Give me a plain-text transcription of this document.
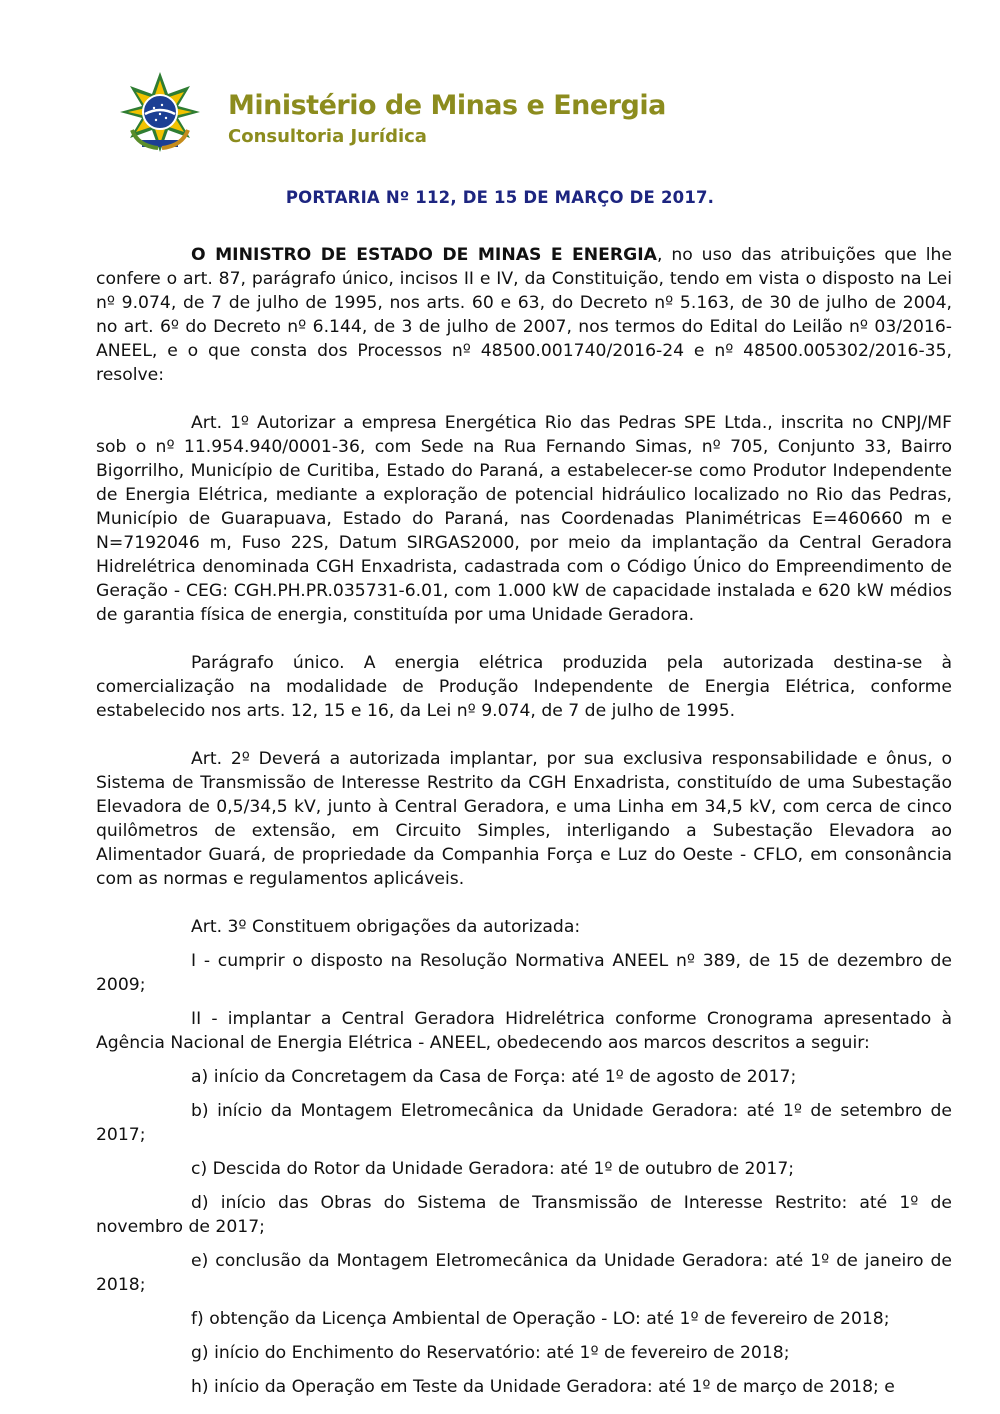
Ministério de Minas e Energia
Consultoria Jurídica
PORTARIA Nº 112, DE 15 DE MARÇO DE 2017.

O MINISTRO DE ESTADO DE MINAS E ENERGIA, no uso das atribuições que lhe confere o art. 87, parágrafo único, incisos II e IV, da Constituição, tendo em vista o disposto na Lei nº 9.074, de 7 de julho de 1995, nos arts. 60 e 63, do Decreto nº 5.163, de 30 de julho de 2004, no art. 6º do Decreto nº 6.144, de 3 de julho de 2007, nos termos do Edital do Leilão nº 03/2016-ANEEL, e o que consta dos Processos nº 48500.001740/2016-24 e nº 48500.005302/2016-35, resolve:

Art. 1º Autorizar a empresa Energética Rio das Pedras SPE Ltda., inscrita no CNPJ/MF sob o nº 11.954.940/0001-36, com Sede na Rua Fernando Simas, nº 705, Conjunto 33, Bairro Bigorrilho, Município de Curitiba, Estado do Paraná, a estabelecer-se como Produtor Independente de Energia Elétrica, mediante a exploração de potencial hidráulico localizado no Rio das Pedras, Município de Guarapuava, Estado do Paraná, nas Coordenadas Planimétricas E=460660 m e N=7192046 m, Fuso 22S, Datum SIRGAS2000, por meio da implantação da Central Geradora Hidrelétrica denominada CGH Enxadrista, cadastrada com o Código Único do Empreendimento de Geração - CEG: CGH.PH.PR.035731-6.01, com 1.000 kW de capacidade instalada e 620 kW médios de garantia física de energia, constituída por uma Unidade Geradora.

Parágrafo único. A energia elétrica produzida pela autorizada destina-se à comercialização na modalidade de Produção Independente de Energia Elétrica, conforme estabelecido nos arts. 12, 15 e 16, da Lei nº 9.074, de 7 de julho de 1995.

Art. 2º Deverá a autorizada implantar, por sua exclusiva responsabilidade e ônus, o Sistema de Transmissão de Interesse Restrito da CGH Enxadrista, constituído de uma Subestação Elevadora de 0,5/34,5 kV, junto à Central Geradora, e uma Linha em 34,5 kV, com cerca de cinco quilômetros de extensão, em Circuito Simples, interligando a Subestação Elevadora ao Alimentador Guará, de propriedade da Companhia Força e Luz do Oeste - CFLO, em consonância com as normas e regulamentos aplicáveis.

Art. 3º Constituem obrigações da autorizada:

I - cumprir o disposto na Resolução Normativa ANEEL nº 389, de 15 de dezembro de 2009;

II - implantar a Central Geradora Hidrelétrica conforme Cronograma apresentado à Agência Nacional de Energia Elétrica - ANEEL, obedecendo aos marcos descritos a seguir:

a) início da Concretagem da Casa de Força: até 1º de agosto de 2017;

b) início da Montagem Eletromecânica da Unidade Geradora: até 1º de setembro de 2017;

c) Descida do Rotor da Unidade Geradora: até 1º de outubro de 2017;

d) início das Obras do Sistema de Transmissão de Interesse Restrito: até 1º de novembro de 2017;

e) conclusão da Montagem Eletromecânica da Unidade Geradora: até 1º de janeiro de 2018;

f) obtenção da Licença Ambiental de Operação - LO: até 1º de fevereiro de 2018;

g) início do Enchimento do Reservatório: até 1º de fevereiro de 2018;

h) início da Operação em Teste da Unidade Geradora: até 1º de março de 2018; e
